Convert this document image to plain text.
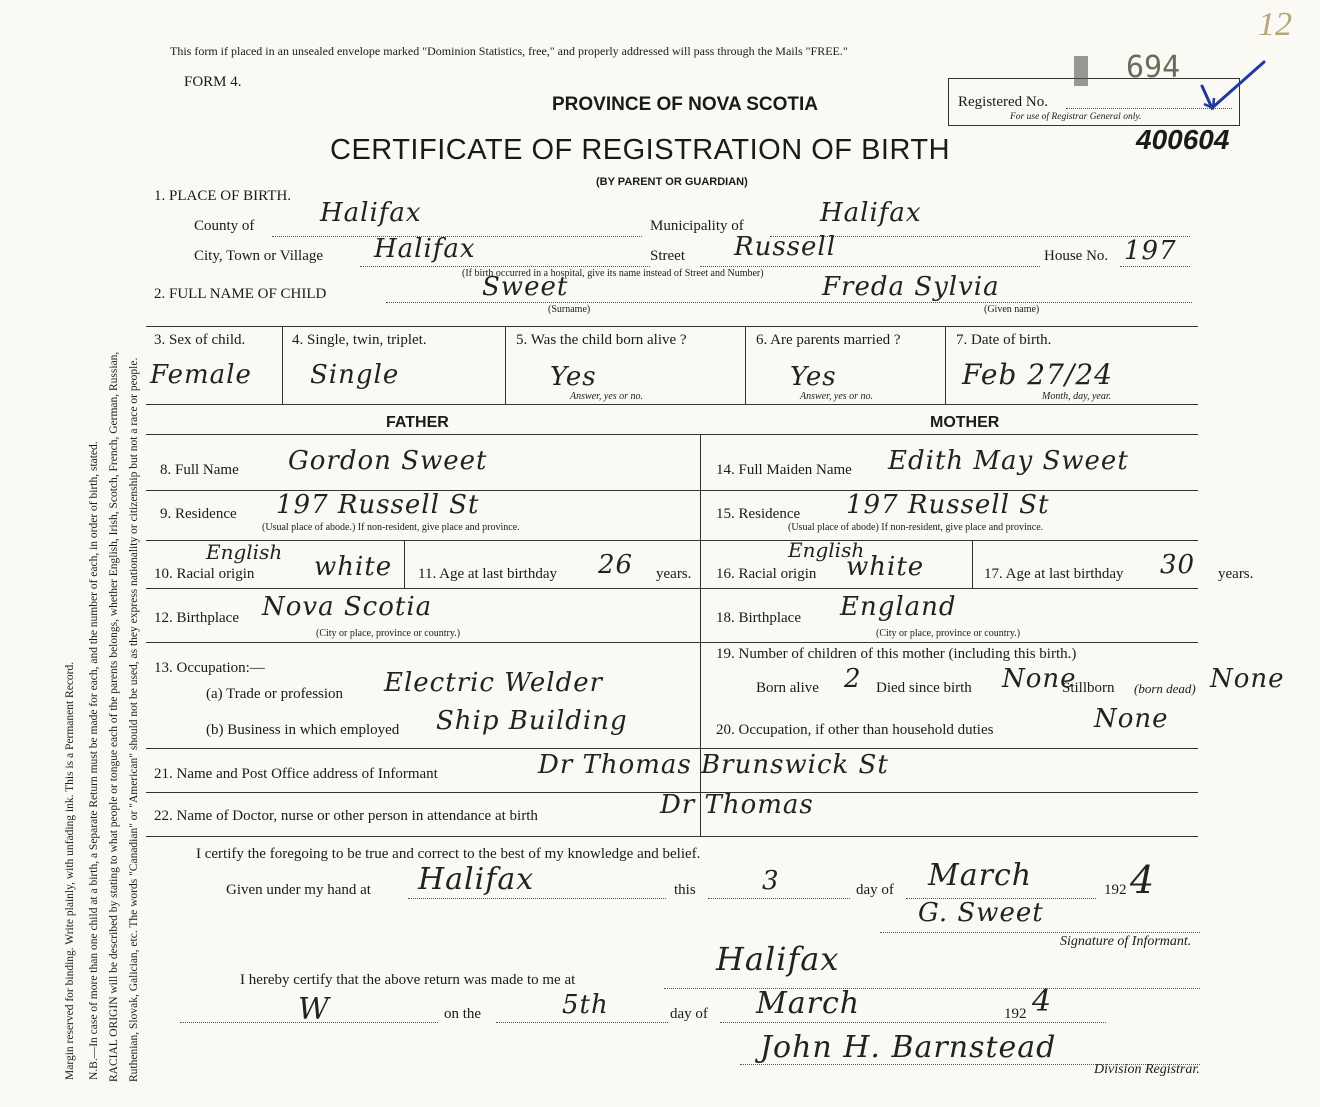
Margin reserved for binding. Write plainly, with unfading ink. This is a Permanent Record. N.B.—In case of more than one child at a birth, a Separate Return must be made for each, and the number of each, in order of birth, stated. RACIAL ORIGIN will be described by stating to what people or tongue each of the parents belongs, whether English, Irish, Scotch, French, German, Russian, Ruthenian, Slovak, Galician, etc. The words "Canadian" or "American" should not be used, as they express nationality or citizenship but not a race or people.
This form if placed in an unsealed envelope marked "Dominion Statistics, free," and properly addressed will pass through the Mails "FREE."
FORM 4.
PROVINCE OF NOVA SCOTIA
CERTIFICATE OF REGISTRATION OF BIRTH
(BY PARENT OR GUARDIAN)
Registered No.
For use of Registrar General only.
694
12
400604
1. PLACE OF BIRTH.
County of	Halifax	Municipality of	Halifax
City, Town or Village Halifax	Street Russell	House No. 197
(If birth occurred in a hospital, give its name instead of Street and Number)
2. FULL NAME OF CHILD	Sweet
(Surname)
Freda Sylvia
(Given name)
3. Sex of child.
Female
4. Single, twin, triplet.
Single
5. Was the child born alive ?
Yes
Answer, yes or no.
6. Are parents married ?
Yes
Answer, yes or no.
7. Date of birth.
Feb 27/24
Month, day, year.
FATHER	MOTHER
8. Full Name Gordon Sweet
9. Residence 197 Russell St
(Usual place of abode.) If non-resident, give place and province.
English
10. Racial origin white 11. Age at last birthday 26 years.
12. Birthplace Nova Scotia
(City or place, province or country.)
13. Occupation:—
(a) Trade or profession Electric Welder
(b) Business in which employed Ship Building
14. Full Maiden Name Edith May Sweet
15. Residence 197 Russell St
(Usual place of abode) If non-resident, give place and province.
English
16. Racial origin white	17. Age at last birthday 30 years.
18. Birthplace England
(City or place, province or country.)
19. Number of children of this mother (including this birth.)
Born alive 2 Died since birth None
Stillborn (born dead) None
20. Occupation, if other than household duties	None
21. Name and Post Office address of Informant	Dr Thomas Brunswick St
22. Name of Doctor, nurse or other person in attendance at birth	Dr Thomas
I certify the foregoing to be true and correct to the best of my knowledge and belief.
Given under my hand at Halifax	this	3	day of March	192 4
G. Sweet
Signature of Informant.
I hereby certify that the above return was made to me at
Halifax
W	on the	5th	day of March	192 4
John H. Barnstead
Division Registrar.
